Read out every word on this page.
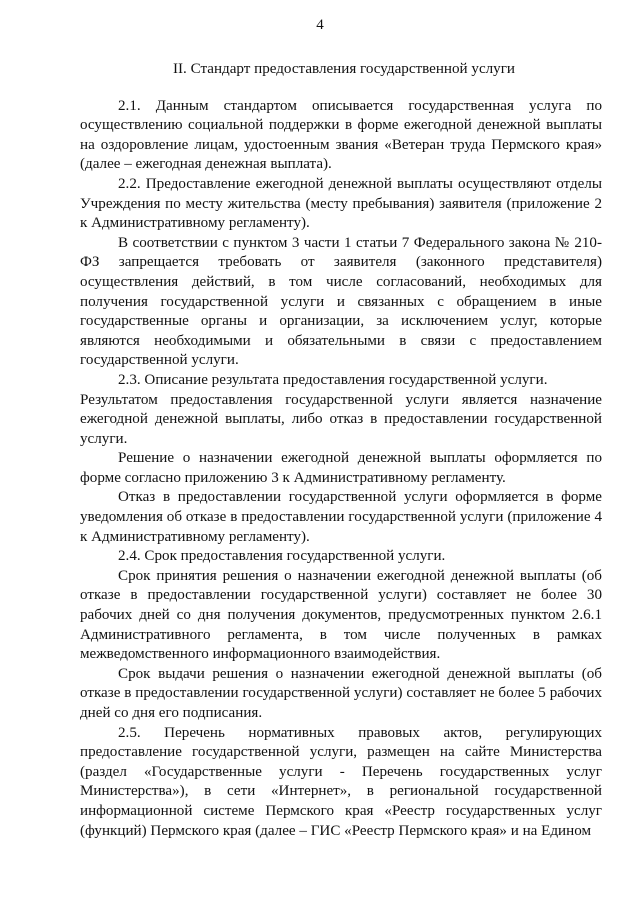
4
II. Стандарт предоставления государственной услуги

2.1. Данным стандартом описывается государственная услуга по осуществлению социальной поддержки в форме ежегодной денежной выплаты на оздоровление лицам, удостоенным звания «Ветеран труда Пермского края» (далее – ежегодная денежная выплата).

2.2. Предоставление ежегодной денежной выплаты осуществляют отделы Учреждения по месту жительства (месту пребывания) заявителя (приложение 2 к Административному регламенту).

В соответствии с пунктом 3 части 1 статьи 7 Федерального закона № 210-ФЗ запрещается требовать от заявителя (законного представителя) осуществления действий, в том числе согласований, необходимых для получения государственной услуги и связанных с обращением в иные государственные органы и организации, за исключением услуг, которые являются необходимыми и обязательными в связи с предоставлением государственной услуги.

2.3. Описание результата предоставления государственной услуги.

Результатом предоставления государственной услуги является назначение ежегодной денежной выплаты, либо отказ в предоставлении государственной услуги.

Решение о назначении ежегодной денежной выплаты оформляется по форме согласно приложению 3 к Административному регламенту.

Отказ в предоставлении государственной услуги оформляется в форме уведомления об отказе в предоставлении государственной услуги (приложение 4 к Административному регламенту).

2.4. Срок предоставления государственной услуги.

Срок принятия решения о назначении ежегодной денежной выплаты (об отказе в предоставлении государственной услуги) составляет не более 30 рабочих дней со дня получения документов, предусмотренных пунктом 2.6.1 Административного регламента, в том числе полученных в рамках межведомственного информационного взаимодействия.

Срок выдачи решения о назначении ежегодной денежной выплаты (об отказе в предоставлении государственной услуги) составляет не более 5 рабочих дней со дня его подписания.

2.5. Перечень нормативных правовых актов, регулирующих предоставление государственной услуги, размещен на сайте Министерства (раздел «Государственные услуги - Перечень государственных услуг Министерства»), в сети «Интернет», в региональной государственной информационной системе Пермского края «Реестр государственных услуг (функций) Пермского края (далее – ГИС «Реестр Пермского края» и на Едином
